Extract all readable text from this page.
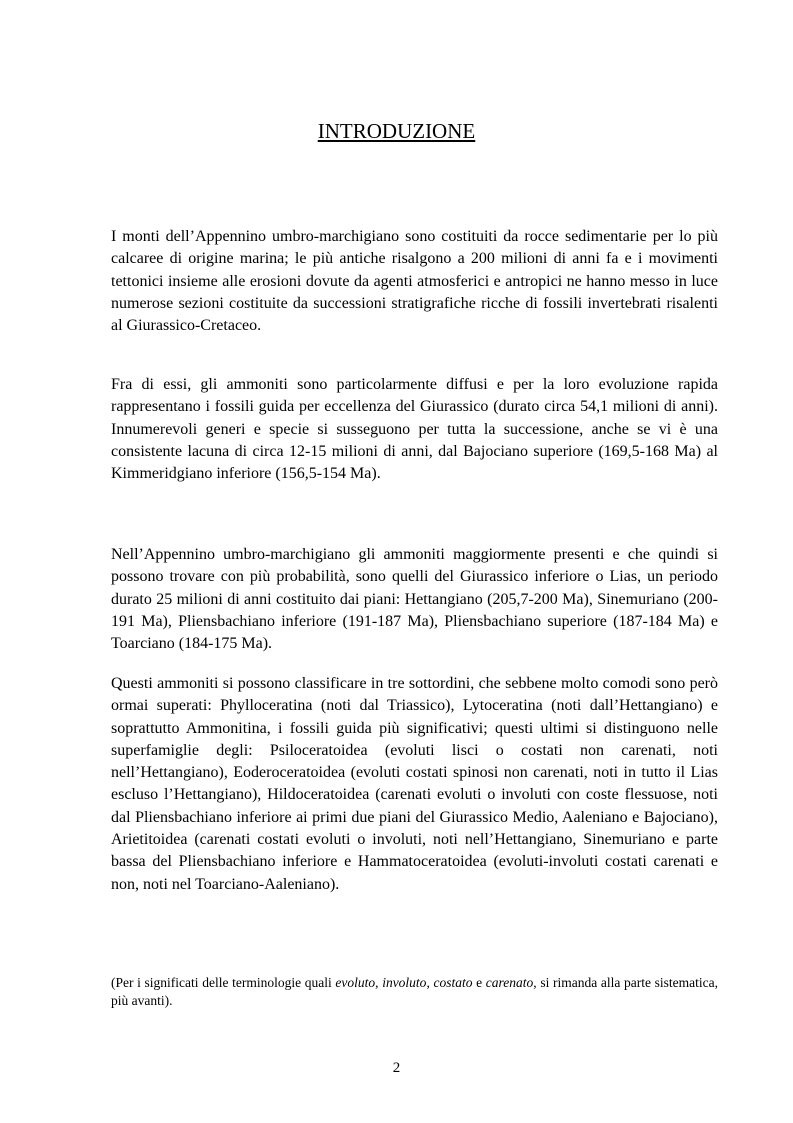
INTRODUZIONE

I monti dell’Appennino umbro-marchigiano sono costituiti da rocce sedimentarie per lo più calcaree di origine marina; le più antiche risalgono a 200 milioni di anni fa e i movimenti tettonici insieme alle erosioni dovute da agenti atmosferici e antropici ne hanno messo in luce numerose sezioni costituite da successioni stratigrafiche ricche di fossili invertebrati risalenti al Giurassico-Cretaceo.

Fra di essi, gli ammoniti sono particolarmente diffusi e per la loro evoluzione rapida rappresentano i fossili guida per eccellenza del Giurassico (durato circa 54,1 milioni di anni). Innumerevoli generi e specie si susseguono per tutta la successione, anche se vi è una consistente lacuna di circa 12-15 milioni di anni, dal Bajociano superiore (169,5-168 Ma) al Kimmeridgiano inferiore (156,5-154 Ma).

Nell’Appennino umbro-marchigiano gli ammoniti maggiormente presenti e che quindi si possono trovare con più probabilità, sono quelli del Giurassico inferiore o Lias, un periodo durato 25 milioni di anni costituito dai piani: Hettangiano (205,7-200 Ma), Sinemuriano (200-191 Ma), Pliensbachiano inferiore (191-187 Ma), Pliensbachiano superiore (187-184 Ma) e Toarciano (184-175 Ma).

Questi ammoniti si possono classificare in tre sottordini, che sebbene molto comodi sono però ormai superati: Phylloceratina (noti dal Triassico), Lytoceratina (noti dall’Hettangiano) e soprattutto Ammonitina, i fossili guida più significativi; questi ultimi si distinguono nelle superfamiglie degli: Psiloceratoidea (evoluti lisci o costati non carenati, noti nell’Hettangiano), Eoderoceratoidea (evoluti costati spinosi non carenati, noti in tutto il Lias escluso l’Hettangiano), Hildoceratoidea (carenati evoluti o involuti con coste flessuose, noti dal Pliensbachiano inferiore ai primi due piani del Giurassico Medio, Aaleniano e Bajociano), Arietitoidea (carenati costati evoluti o involuti, noti nell’Hettangiano, Sinemuriano e parte bassa del Pliensbachiano inferiore e Hammatoceratoidea (evoluti-involuti costati carenati e non, noti nel Toarciano-Aaleniano).

(Per i significati delle terminologie quali evoluto, involuto, costato e carenato, si rimanda alla parte sistematica, più avanti).

2
